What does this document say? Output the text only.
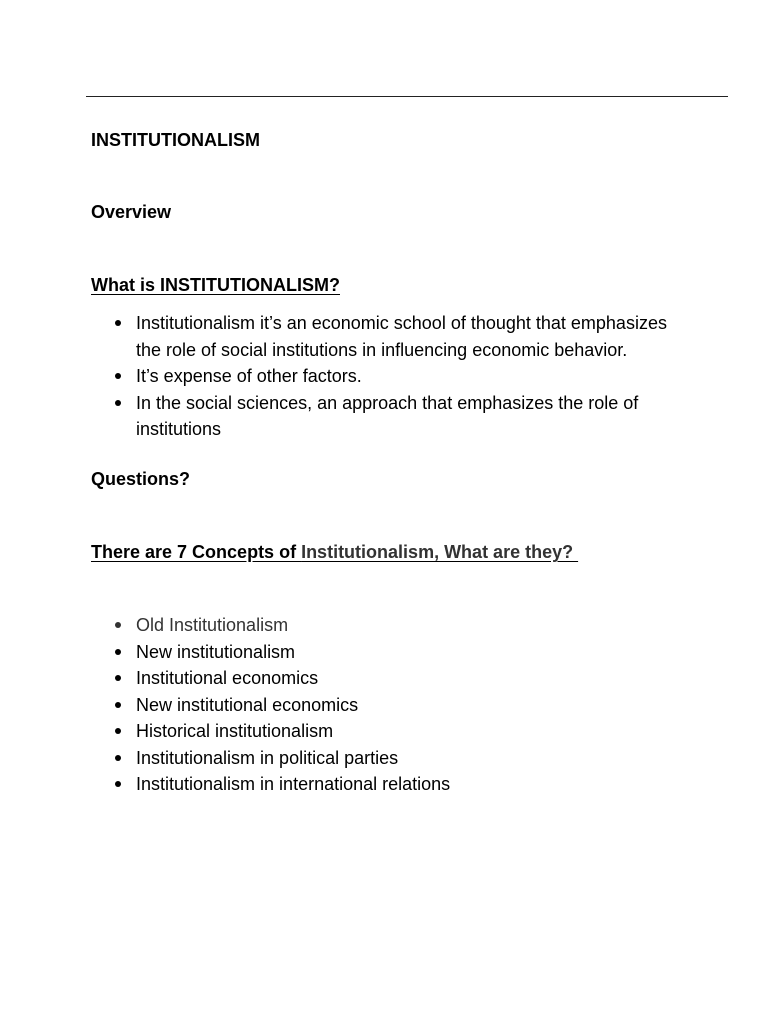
INSTITUTIONALISM
Overview
What is INSTITUTIONALISM?
Institutionalism it’s an economic school of thought that emphasizes the role of social institutions in influencing economic behavior.
It’s expense of other factors.
In the social sciences, an approach that emphasizes the role of institutions
Questions?
There are 7 Concepts of Institutionalism, What are they?
Old Institutionalism
New institutionalism
Institutional economics
New institutional economics
Historical institutionalism
Institutionalism in political parties
Institutionalism in international relations
